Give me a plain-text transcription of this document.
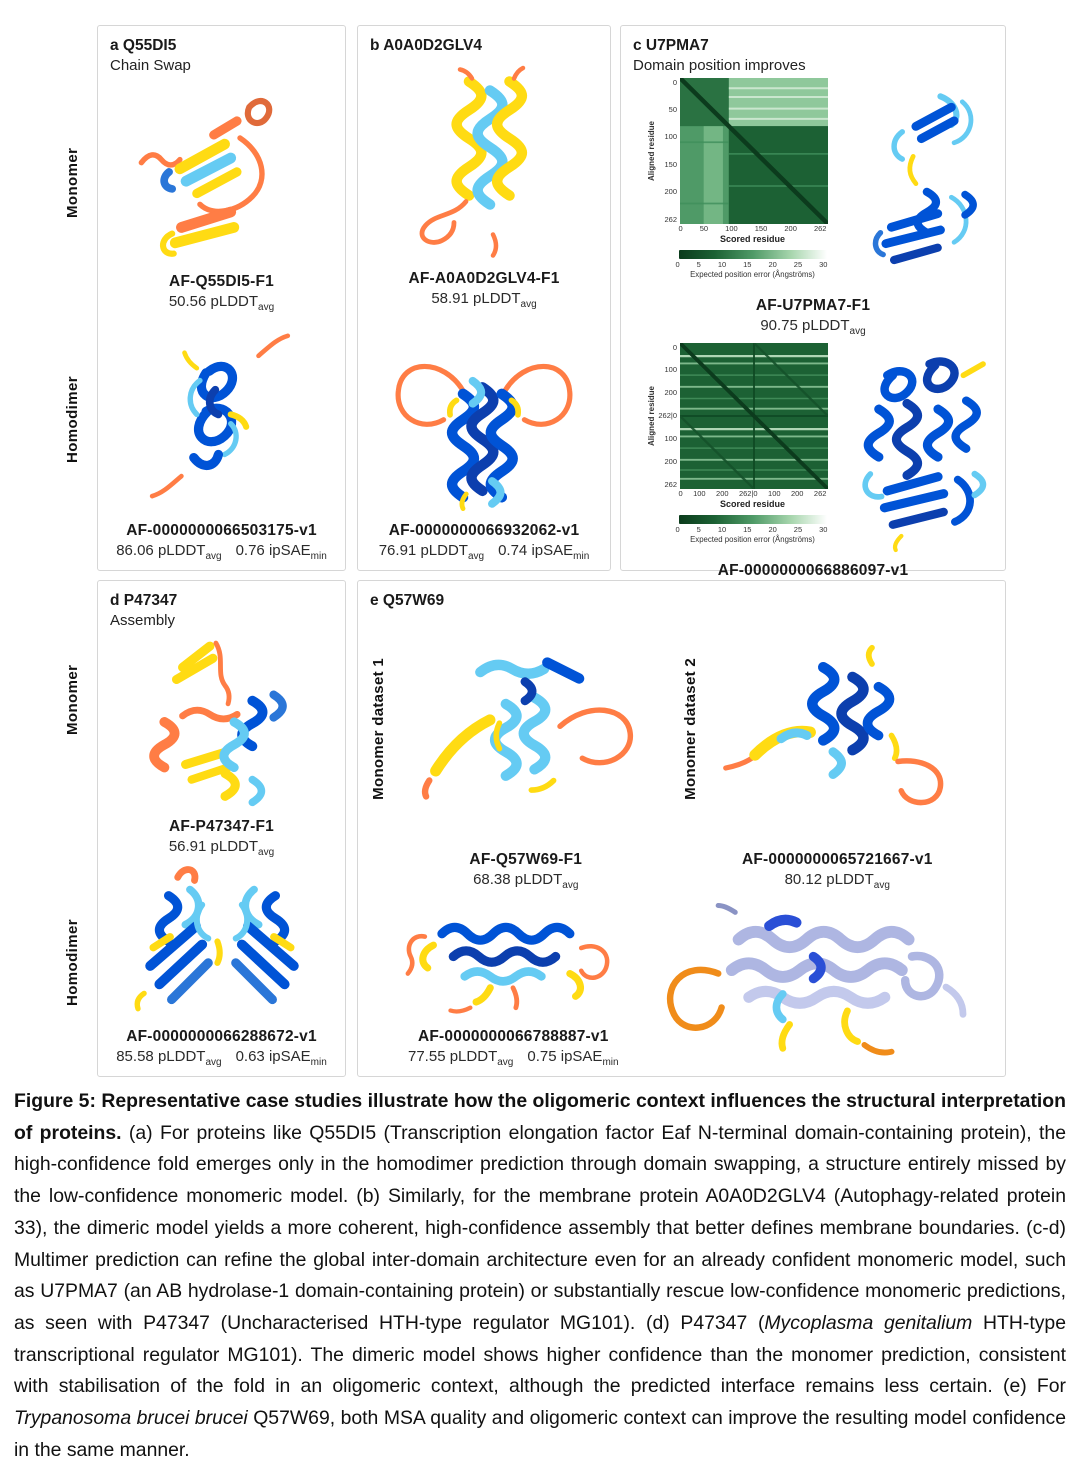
Monomer
Homodimer
Monomer
Homodimer
a Q55DI5
Chain Swap
AF-Q55DI5-F1
50.56 pLDDT$_{avg}$
AF-0000000066503175-v1
86.06 pLDDT$_{avg}$ 0.76 ipSAE$_{min}$
b A0A0D2GLV4
AF-A0A0D2GLV4-F1
58.91 pLDDT$_{avg}$
AF-0000000066932062-v1
76.91 pLDDT$_{avg}$ 0.74 ipSAE$_{min}$
c U7PMA7
Domain position improves
Aligned residue
0
50
100
150
200
262
0 50 100 150 200 262
Scored residue
0 5 10 15 20 25 30
Expected position error (Ångströms)
AF-U7PMA7-F1
90.75 pLDDT$_{avg}$
Aligned residue
0
100
200
262|0
100
200
262
0 100 200 262|0 100 200 262
Scored residue
0 5 10 15 20 25 30
Expected position error (Ångströms)
AF-0000000066886097-v1
d P47347
Assembly
AF-P47347-F1
56.91 pLDDT$_{avg}$
AF-0000000066288672-v1
85.58 pLDDT$_{avg}$ 0.63 ipSAE$_{min}$
e Q57W69
Monomer dataset 1	Monomer dataset 2
AF-Q57W69-F1
68.38 pLDDT$_{avg}$
AF-0000000065721667-v1
80.12 pLDDT$_{avg}$
AF-0000000066788887-v1
77.55 pLDDT$_{avg}$ 0.75 ipSAE$_{min}$

Figure 5: Representative case studies illustrate how the oligomeric context influences the structural interpretation of proteins. (a) For proteins like Q55DI5 (Transcription elongation factor Eaf N-terminal domain-containing protein), the high-confidence fold emerges only in the homodimer prediction through domain swapping, a structure entirely missed by the low-confidence monomeric model. (b) Similarly, for the membrane protein A0A0D2GLV4 (Autophagy-related protein 33), the dimeric model yields a more coherent, high-confidence assembly that better defines membrane boundaries. (c-d) Multimer prediction can refine the global inter-domain architecture even for an already confident monomeric model, such as U7PMA7 (an AB hydrolase-1 domain-containing protein) or substantially rescue low-confidence monomeric predictions, as seen with P47347 (Uncharacterised HTH-type regulator MG101). (d) P47347 (Mycoplasma genitalium HTH-type transcriptional regulator MG101). The dimeric model shows higher confidence than the monomer prediction, consistent with stabilisation of the fold in an oligomeric context, although the predicted interface remains less certain. (e) For Trypanosoma brucei brucei Q57W69, both MSA quality and oligomeric context can improve the resulting model confidence in the same manner.
